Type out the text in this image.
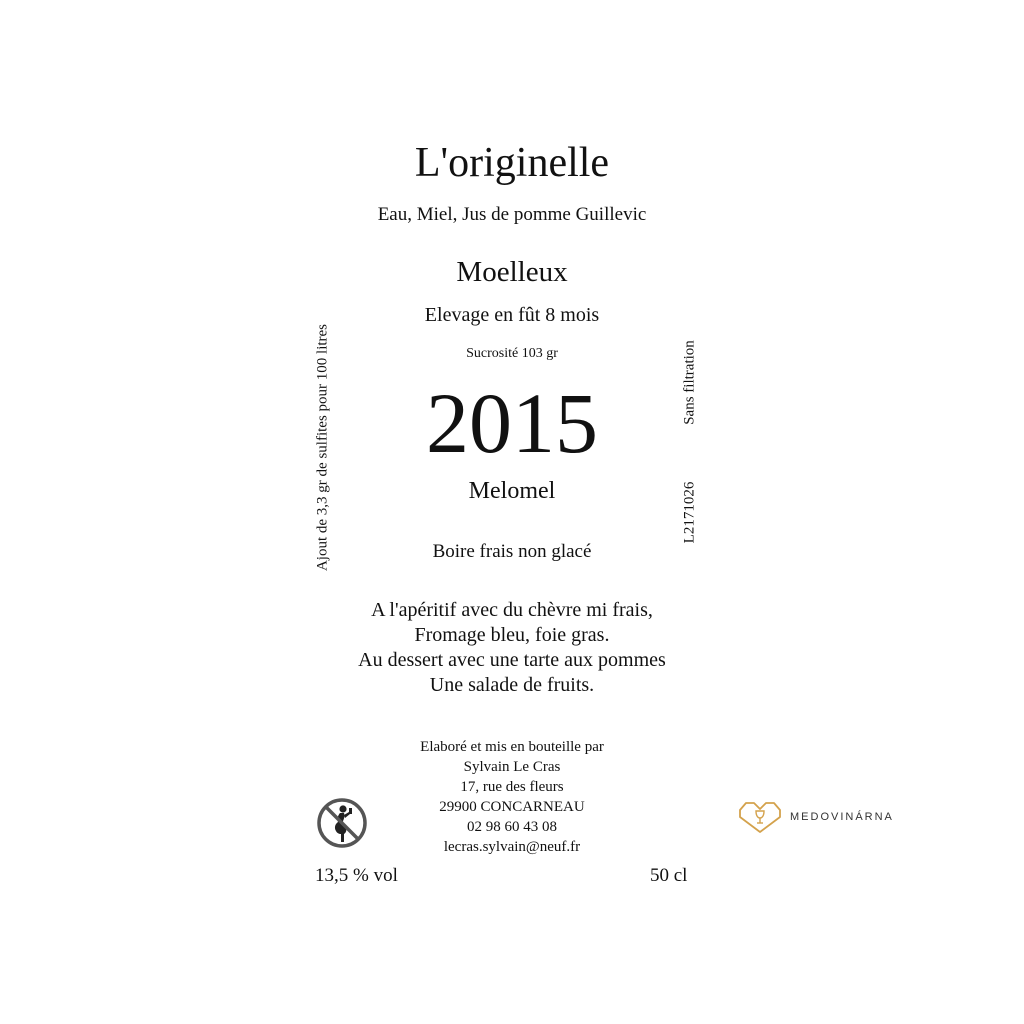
L'originelle
Eau, Miel, Jus de pomme Guillevic
Moelleux
Elevage en fût 8 mois
Sucrosité 103 gr
2015
Melomel
Boire frais non glacé
A l'apéritif avec du chèvre mi frais,
Fromage bleu, foie gras.
Au dessert avec une tarte aux pommes
Une salade de fruits.
Elaboré et mis en bouteille par
Sylvain Le Cras
17, rue des fleurs
29900 CONCARNEAU
02 98 60 43 08
lecras.sylvain@neuf.fr
Ajout de 3,3 gr de sulfites pour 100 litres	Sans filtration
L2171026
13,5 % vol	50 cl
MEDOVINÁRNA
